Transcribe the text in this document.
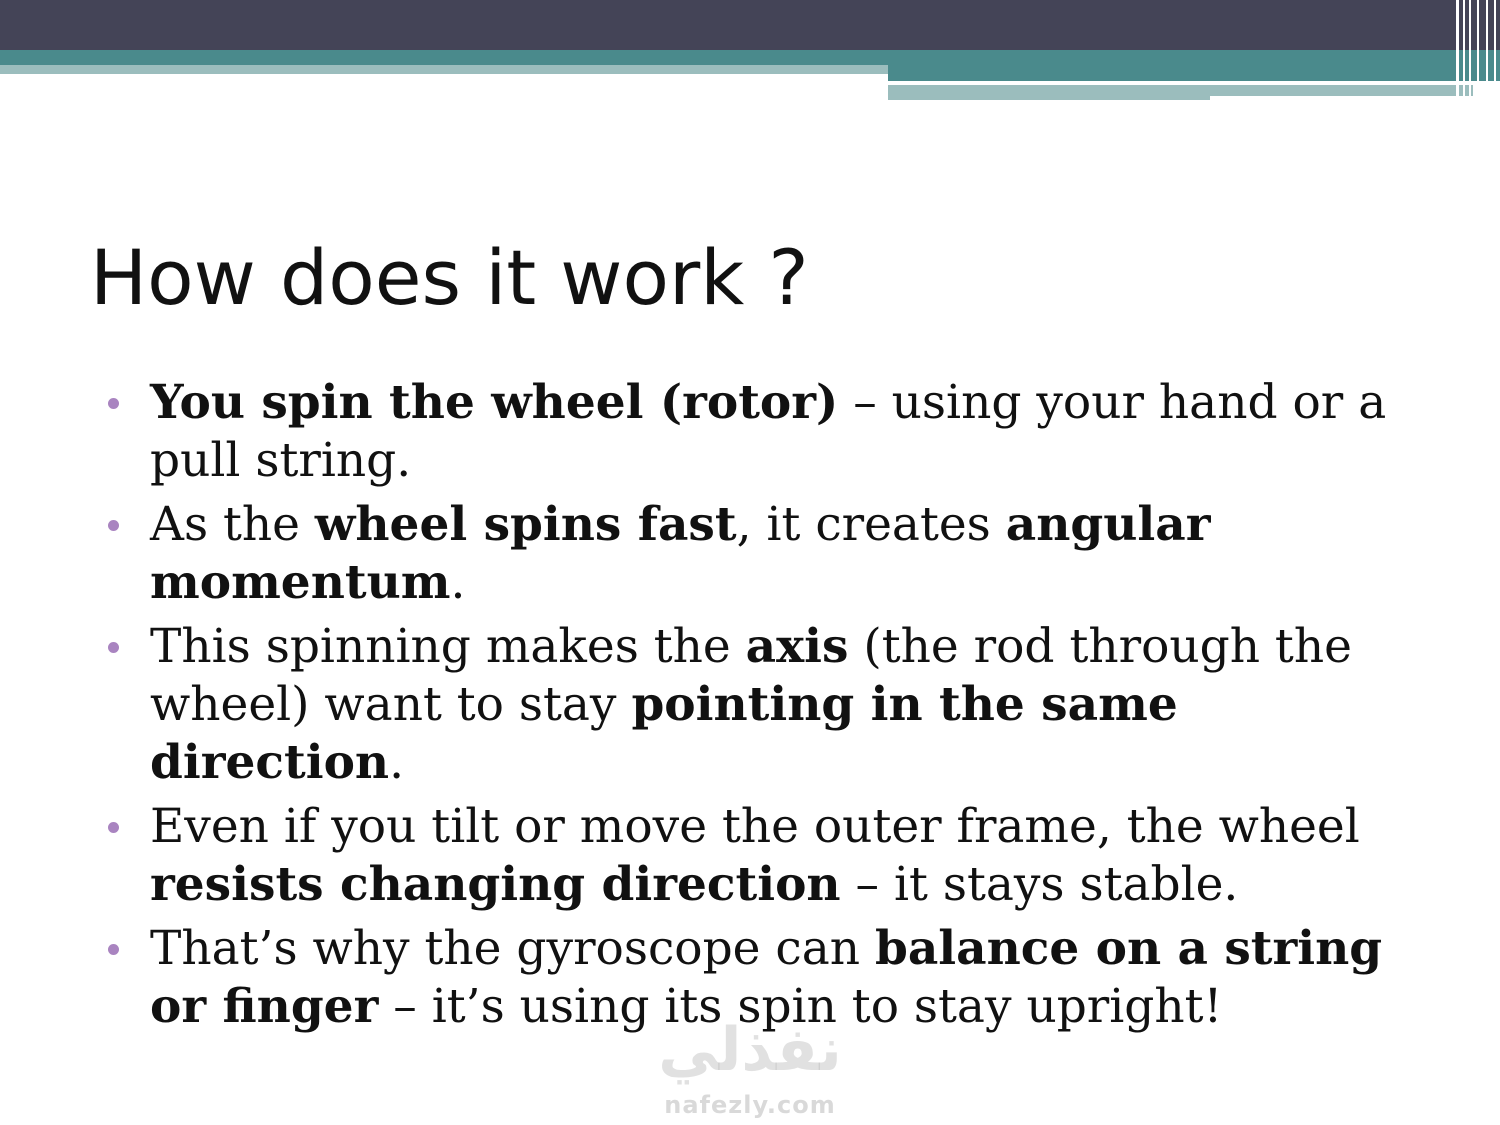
How does it work ?
You spin the wheel (rotor) – using your hand or a pull string.
As the wheel spins fast, it creates angular momentum.
This spinning makes the axis (the rod through the wheel) want to stay pointing in the same direction.
Even if you tilt or move the outer frame, the wheel resists changing direction – it stays stable.
That’s why the gyroscope can balance on a string or finger – it’s using its spin to stay upright!
نفذلي
nafezly.com
